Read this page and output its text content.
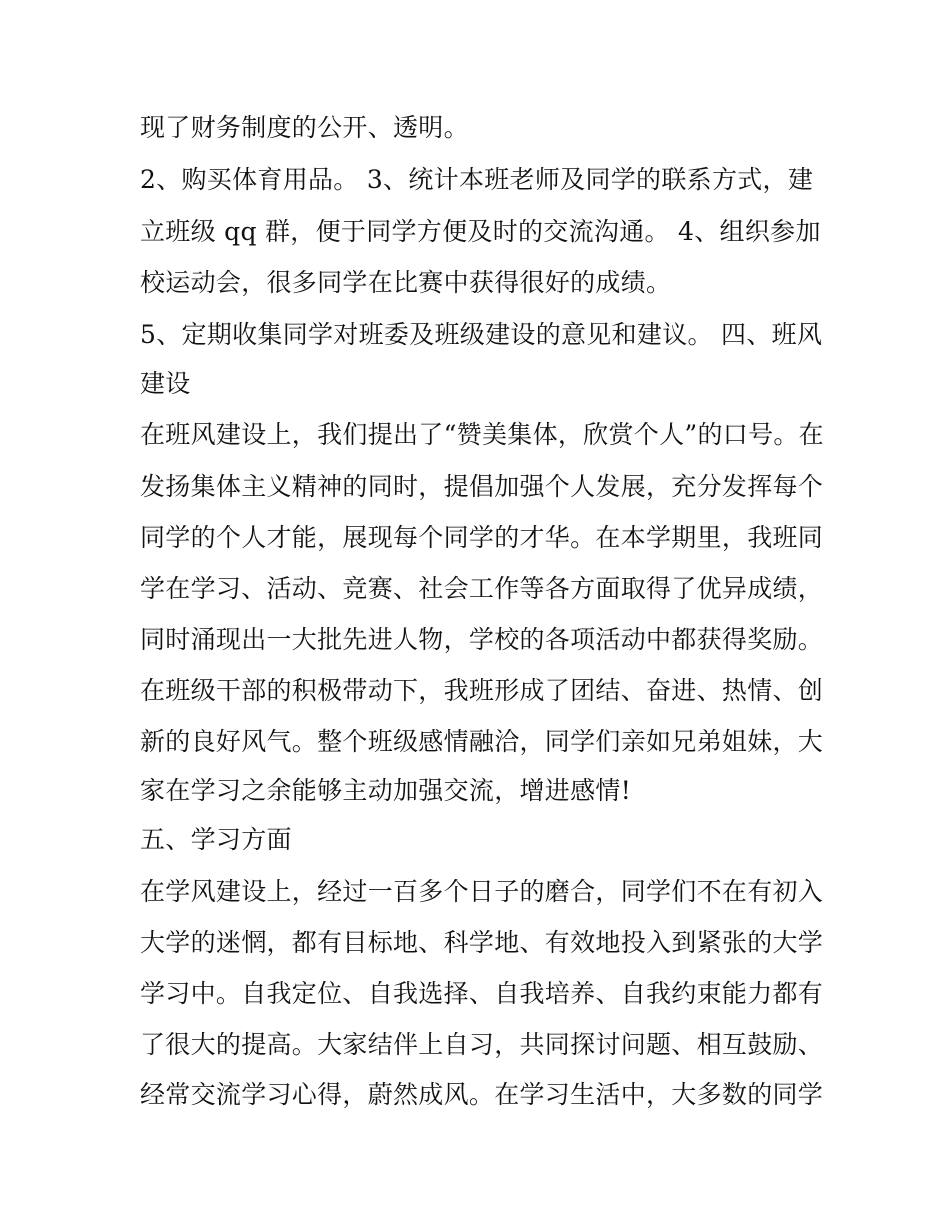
现了财务制度的公开、透明。
2、购买体育用品。 3、统计本班老师及同学的联系方式，建
立班级 qq 群，便于同学方便及时的交流沟通。 4、组织参加
校运动会，很多同学在比赛中获得很好的成绩。
5、定期收集同学对班委及班级建设的意见和建议。 四、班风
建设
在班风建设上，我们提出了“赞美集体，欣赏个人”的口号。在
发扬集体主义精神的同时，提倡加强个人发展，充分发挥每个
同学的个人才能，展现每个同学的才华。在本学期里，我班同
学在学习、活动、竞赛、社会工作等各方面取得了优异成绩，
同时涌现出一大批先进人物，学校的各项活动中都获得奖励。
在班级干部的积极带动下，我班形成了团结、奋进、热情、创
新的良好风气。整个班级感情融洽，同学们亲如兄弟姐妹，大
家在学习之余能够主动加强交流，增进感情!
五、学习方面
在学风建设上，经过一百多个日子的磨合，同学们不在有初入
大学的迷惘，都有目标地、科学地、有效地投入到紧张的大学
学习中。自我定位、自我选择、自我培养、自我约束能力都有
了很大的提高。大家结伴上自习，共同探讨问题、相互鼓励、
经常交流学习心得，蔚然成风。在学习生活中，大多数的同学
